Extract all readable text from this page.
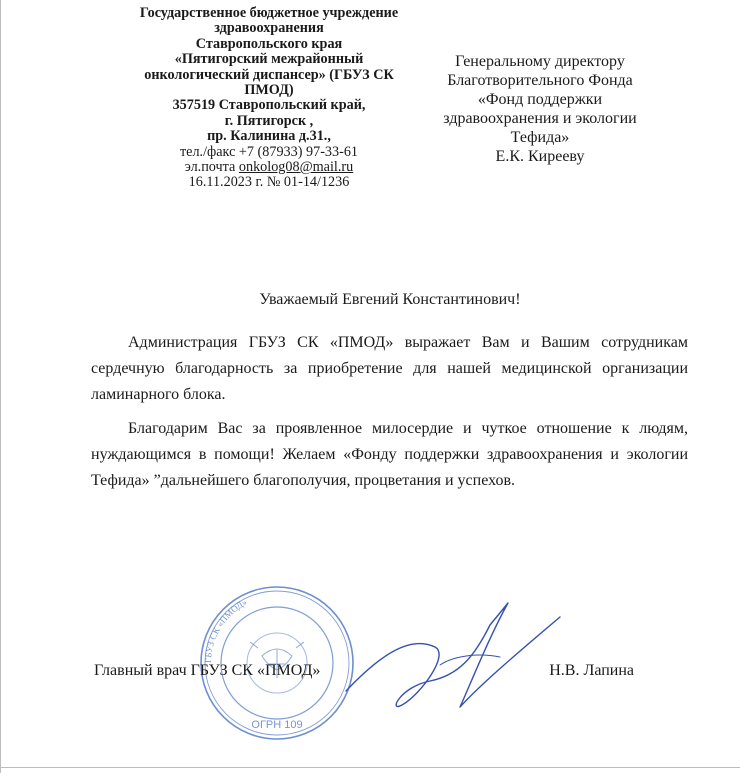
Государственное бюджетное учреждение
здравоохранения
Ставропольского края
«Пятигорский межрайонный
онкологический диспансер» (ГБУЗ СК
ПМОД)
357519 Ставропольский край,
г. Пятигорск ,
пр. Калинина д.31.,
тел./факс +7 (87933) 97-33-61
эл.почта onkolog08@mail.ru
16.11.2023 г. № 01-14/1236
Генеральному директору
Благотворительного Фонда
«Фонд поддержки
здравоохранения и экологии
Тефида»
Е.К. Кирееву
Уважаемый Евгений Константинович!

Администрация ГБУЗ СК «ПМОД» выражает Вам и Вашим сотрудникам сердечную благодарность за приобретение для нашей медицинской организации ламинарного блока.

Благодарим Вас за проявленное милосердие и чуткое отношение к людям, нуждающимся в помощи! Желаем «Фонду поддержки здравоохранения и экологии Тефида» ˮдальнейшего благополучия, процветания и успехов.

ГБУЗ СК «ПМОД»
ОГРН 109
Главный врач ГБУЗ СК «ПМОД»	Н.В. Лапина
